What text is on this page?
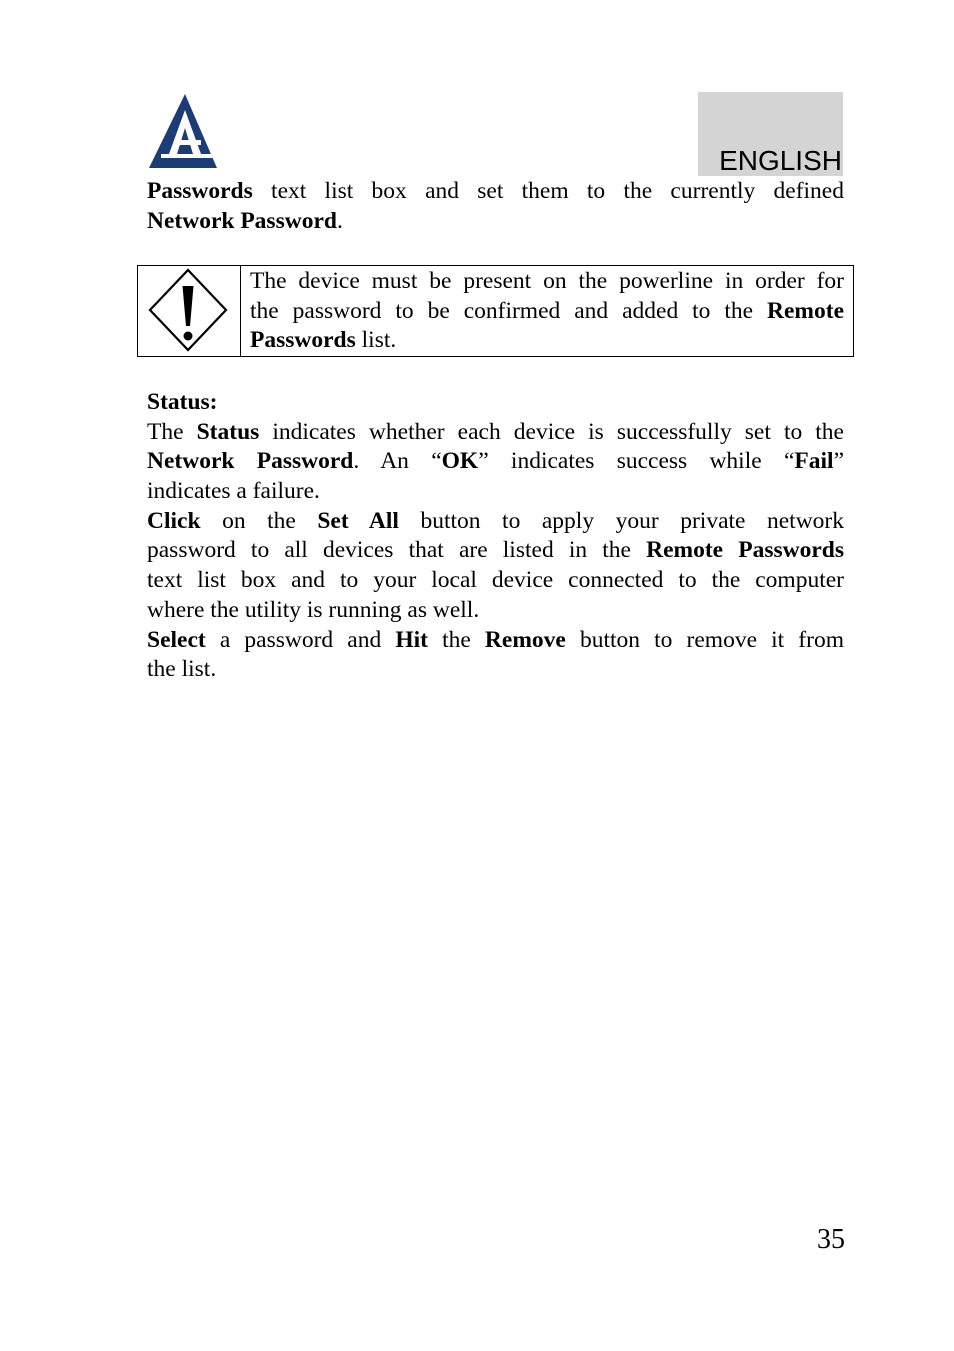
ENGLISH
Passwords text list box and set them to the currently defined
Network Password.
The device must be present on the powerline in order for
the password to be confirmed and added to the Remote
Passwords list.
Status:
The Status indicates whether each device is successfully set to the
Network Password. An “OK” indicates success while “Fail”
indicates a failure.
Click on the Set All button to apply your private network
password to all devices that are listed in the Remote Passwords
text list box and to your local device connected to the computer
where the utility is running as well.
Select a password and Hit the Remove button to remove it from
the list.
35
